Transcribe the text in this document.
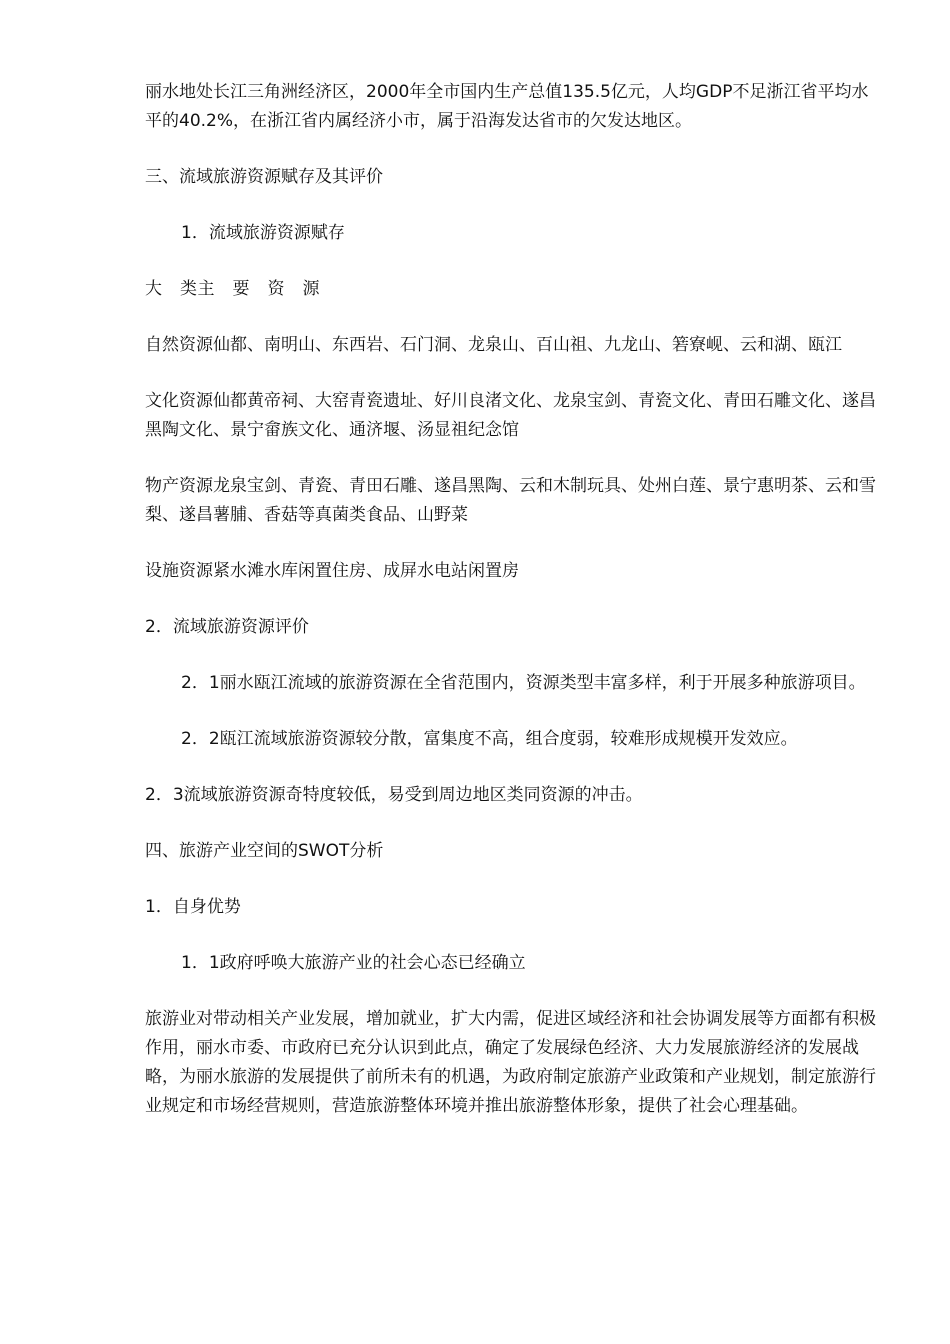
丽水地处长江三角洲经济区，2000年全市国内生产总值135.5亿元，人均GDP不足浙江省平均水平的40.2%，在浙江省内属经济小市，属于沿海发达省市的欠发达地区。

三、流域旅游资源赋存及其评价

1．流域旅游资源赋存

大　类主　要　资　源

自然资源仙都、南明山、东西岩、石门洞、龙泉山、百山祖、九龙山、箬寮岘、云和湖、瓯江

文化资源仙都黄帝祠、大窑青瓷遗址、好川良渚文化、龙泉宝剑、青瓷文化、青田石雕文化、遂昌黑陶文化、景宁畲族文化、通济堰、汤显祖纪念馆

物产资源龙泉宝剑、青瓷、青田石雕、遂昌黑陶、云和木制玩具、处州白莲、景宁惠明茶、云和雪梨、遂昌薯脯、香菇等真菌类食品、山野菜

设施资源紧水滩水库闲置住房、成屏水电站闲置房

2．流域旅游资源评价

2．1丽水瓯江流域的旅游资源在全省范围内，资源类型丰富多样，利于开展多种旅游项目。

2．2瓯江流域旅游资源较分散，富集度不高，组合度弱，较难形成规模开发效应。

2．3流域旅游资源奇特度较低，易受到周边地区类同资源的冲击。

四、旅游产业空间的SWOT分析

1．自身优势

1．1政府呼唤大旅游产业的社会心态已经确立

旅游业对带动相关产业发展，增加就业，扩大内需，促进区域经济和社会协调发展等方面都有积极作用，丽水市委、市政府已充分认识到此点，确定了发展绿色经济、大力发展旅游经济的发展战略，为丽水旅游的发展提供了前所未有的机遇，为政府制定旅游产业政策和产业规划，制定旅游行业规定和市场经营规则，营造旅游整体环境并推出旅游整体形象，提供了社会心理基础。
